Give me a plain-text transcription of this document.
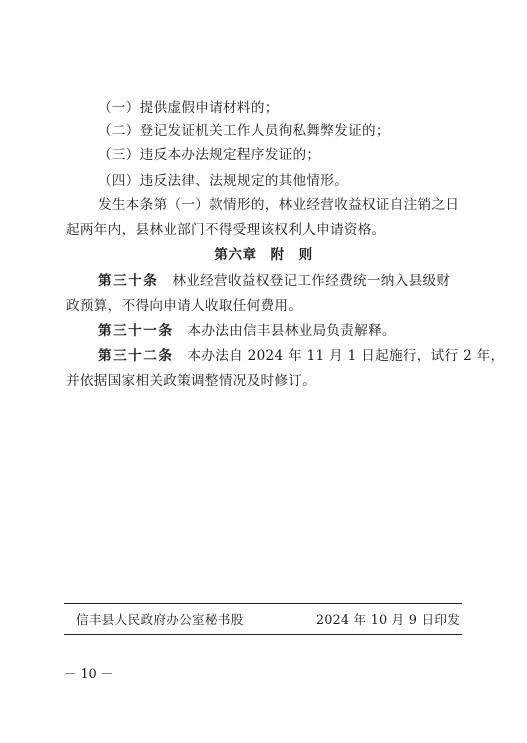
（一）提供虚假申请材料的；
（二）登记发证机关工作人员徇私舞弊发证的；
（三）违反本办法规定程序发证的；
（四）违反法律、法规规定的其他情形。
发生本条第（一）款情形的，林业经营收益权证自注销之日
起两年内，县林业部门不得受理该权利人申请资格。
第六章 附 则
第三十条 林业经营收益权登记工作经费统一纳入县级财
政预算，不得向申请人收取任何费用。
第三十一条 本办法由信丰县林业局负责解释。
第三十二条 本办法自 2024 年 11 月 1 日起施行，试行 2 年，
并依据国家相关政策调整情况及时修订。
信丰县人民政府办公室秘书股	2024 年 10 月 9 日印发
－ 10 －
